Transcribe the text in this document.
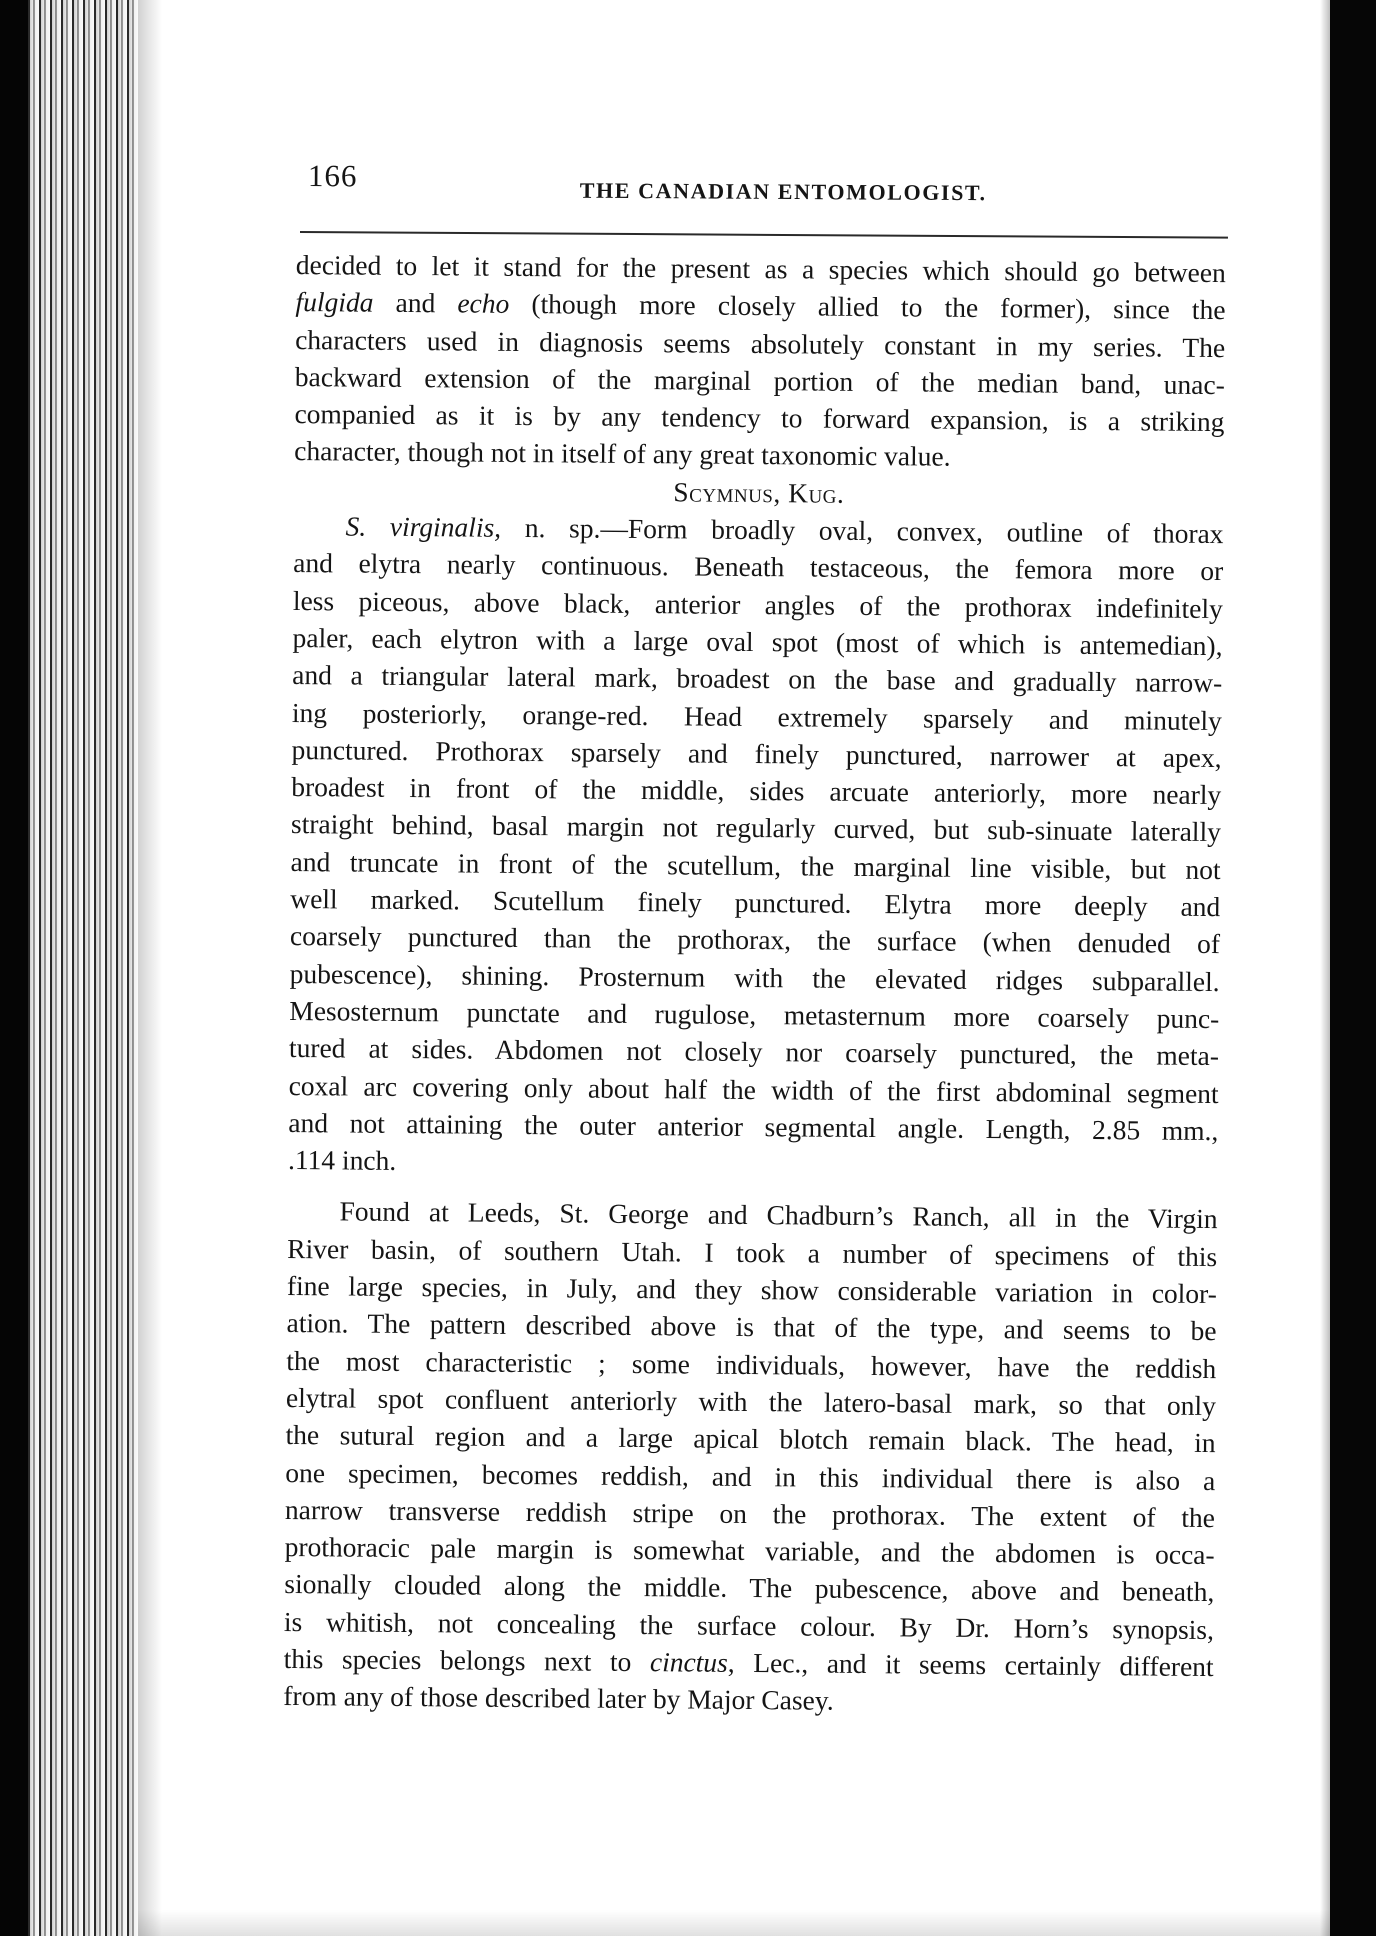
166	THE CANADIAN ENTOMOLOGIST.
decided to let it stand for the present as a species which should go between
fulgida and echo (though more closely allied to the former), since the
characters used in diagnosis seems absolutely constant in my series. The
backward extension of the marginal portion of the median band, unac-
companied as it is by any tendency to forward expansion, is a striking
character, though not in itself of any great taxonomic value.
Scymnus, Kug.
S. virginalis, n. sp.—Form broadly oval, convex, outline of thorax
and elytra nearly continuous. Beneath testaceous, the femora more or
less piceous, above black, anterior angles of the prothorax indefinitely
paler, each elytron with a large oval spot (most of which is antemedian),
and a triangular lateral mark, broadest on the base and gradually narrow-
ing posteriorly, orange-red. Head extremely sparsely and minutely
punctured. Prothorax sparsely and finely punctured, narrower at apex,
broadest in front of the middle, sides arcuate anteriorly, more nearly
straight behind, basal margin not regularly curved, but sub-sinuate laterally
and truncate in front of the scutellum, the marginal line visible, but not
well marked. Scutellum finely punctured. Elytra more deeply and
coarsely punctured than the prothorax, the surface (when denuded of
pubescence), shining. Prosternum with the elevated ridges subparallel.
Mesosternum punctate and rugulose, metasternum more coarsely punc-
tured at sides. Abdomen not closely nor coarsely punctured, the meta-
coxal arc covering only about half the width of the first abdominal segment
and not attaining the outer anterior segmental angle. Length, 2.85 mm.,
.114 inch.
Found at Leeds, St. George and Chadburn’s Ranch, all in the Virgin
River basin, of southern Utah. I took a number of specimens of this
fine large species, in July, and they show considerable variation in color-
ation. The pattern described above is that of the type, and seems to be
the most characteristic ; some individuals, however, have the reddish
elytral spot confluent anteriorly with the latero-basal mark, so that only
the sutural region and a large apical blotch remain black. The head, in
one specimen, becomes reddish, and in this individual there is also a
narrow transverse reddish stripe on the prothorax. The extent of the
prothoracic pale margin is somewhat variable, and the abdomen is occa-
sionally clouded along the middle. The pubescence, above and beneath,
is whitish, not concealing the surface colour. By Dr. Horn’s synopsis,
this species belongs next to cinctus, Lec., and it seems certainly different
from any of those described later by Major Casey.
